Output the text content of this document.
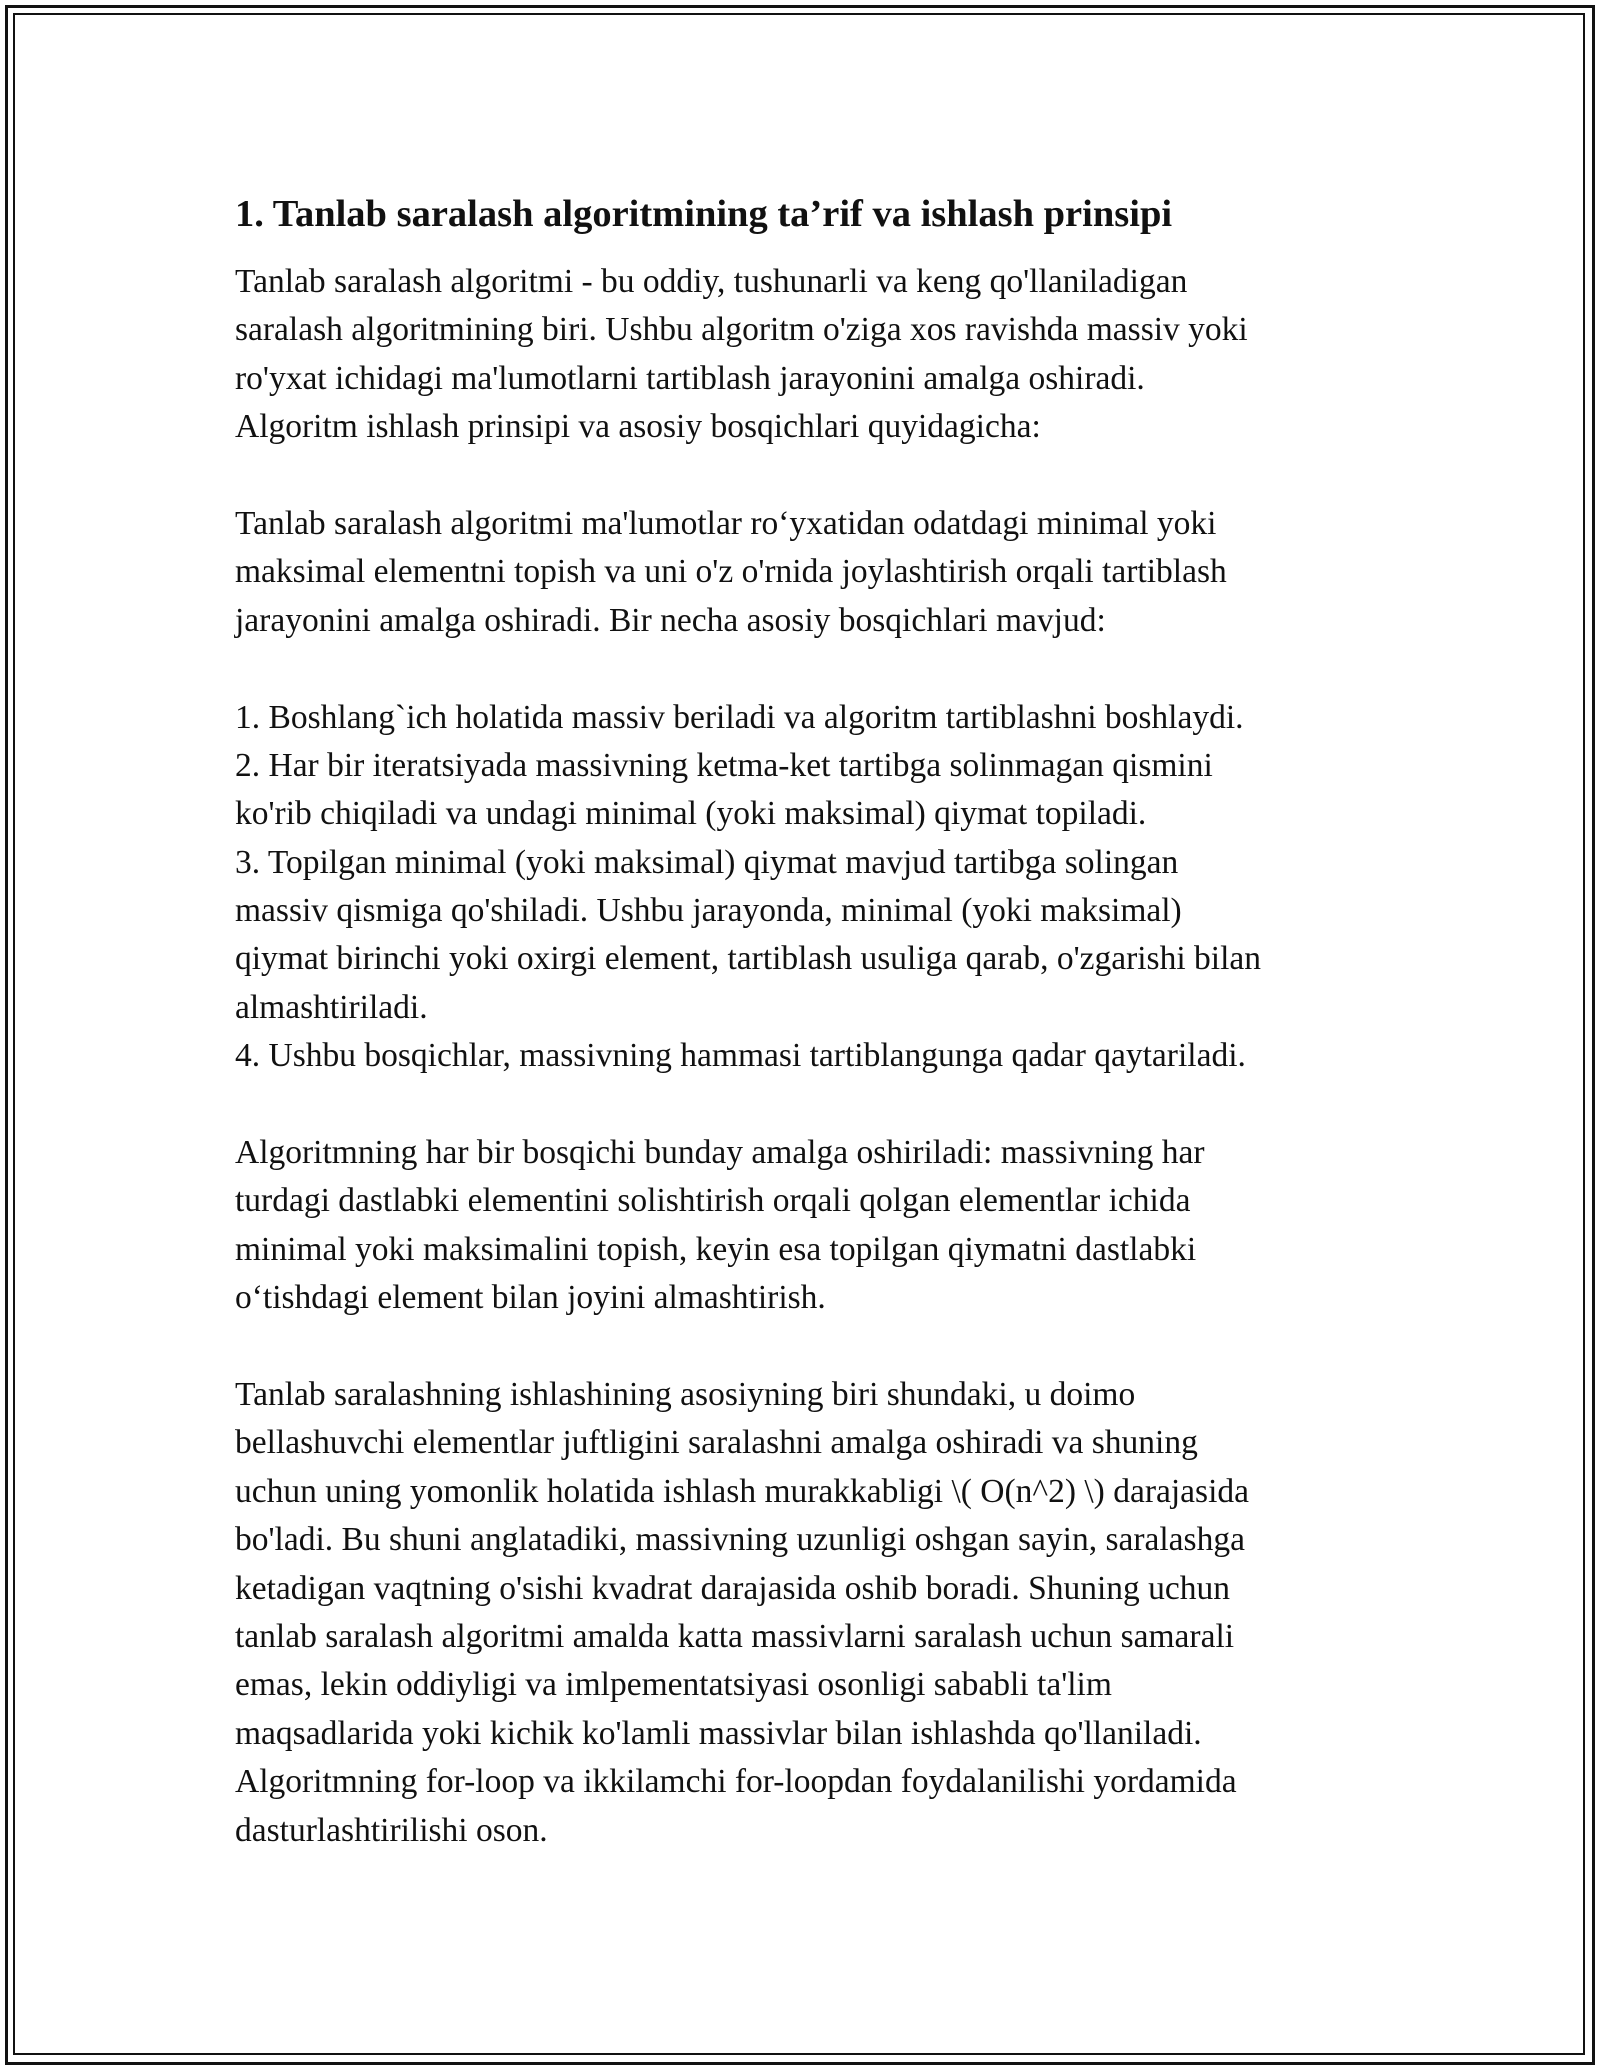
1. Tanlab saralash algoritmining ta’rif va ishlash prinsipi

Tanlab saralash algoritmi - bu oddiy, tushunarli va keng qo'llaniladigan

saralash algoritmining biri. Ushbu algoritm o'ziga xos ravishda massiv yoki

ro'yxat ichidagi ma'lumotlarni tartiblash jarayonini amalga oshiradi.

Algoritm ishlash prinsipi va asosiy bosqichlari quyidagicha:

Tanlab saralash algoritmi ma'lumotlar ro‘yxatidan odatdagi minimal yoki

maksimal elementni topish va uni o'z o'rnida joylashtirish orqali tartiblash

jarayonini amalga oshiradi. Bir necha asosiy bosqichlari mavjud:

1. Boshlang`ich holatida massiv beriladi va algoritm tartiblashni boshlaydi.

2. Har bir iteratsiyada massivning ketma-ket tartibga solinmagan qismini

ko'rib chiqiladi va undagi minimal (yoki maksimal) qiymat topiladi.

3. Topilgan minimal (yoki maksimal) qiymat mavjud tartibga solingan

massiv qismiga qo'shiladi. Ushbu jarayonda, minimal (yoki maksimal)

qiymat birinchi yoki oxirgi element, tartiblash usuliga qarab, o'zgarishi bilan

almashtiriladi.

4. Ushbu bosqichlar, massivning hammasi tartiblangunga qadar qaytariladi.

Algoritmning har bir bosqichi bunday amalga oshiriladi: massivning har

turdagi dastlabki elementini solishtirish orqali qolgan elementlar ichida

minimal yoki maksimalini topish, keyin esa topilgan qiymatni dastlabki

o‘tishdagi element bilan joyini almashtirish.

Tanlab saralashning ishlashining asosiyning biri shundaki, u doimo

bellashuvchi elementlar juftligini saralashni amalga oshiradi va shuning

uchun uning yomonlik holatida ishlash murakkabligi \( O(n^2) \) darajasida

bo'ladi. Bu shuni anglatadiki, massivning uzunligi oshgan sayin, saralashga

ketadigan vaqtning o'sishi kvadrat darajasida oshib boradi. Shuning uchun

tanlab saralash algoritmi amalda katta massivlarni saralash uchun samarali

emas, lekin oddiyligi va imlpementatsiyasi osonligi sababli ta'lim

maqsadlarida yoki kichik ko'lamli massivlar bilan ishlashda qo'llaniladi.

Algoritmning for-loop va ikkilamchi for-loopdan foydalanilishi yordamida

dasturlashtirilishi oson.
